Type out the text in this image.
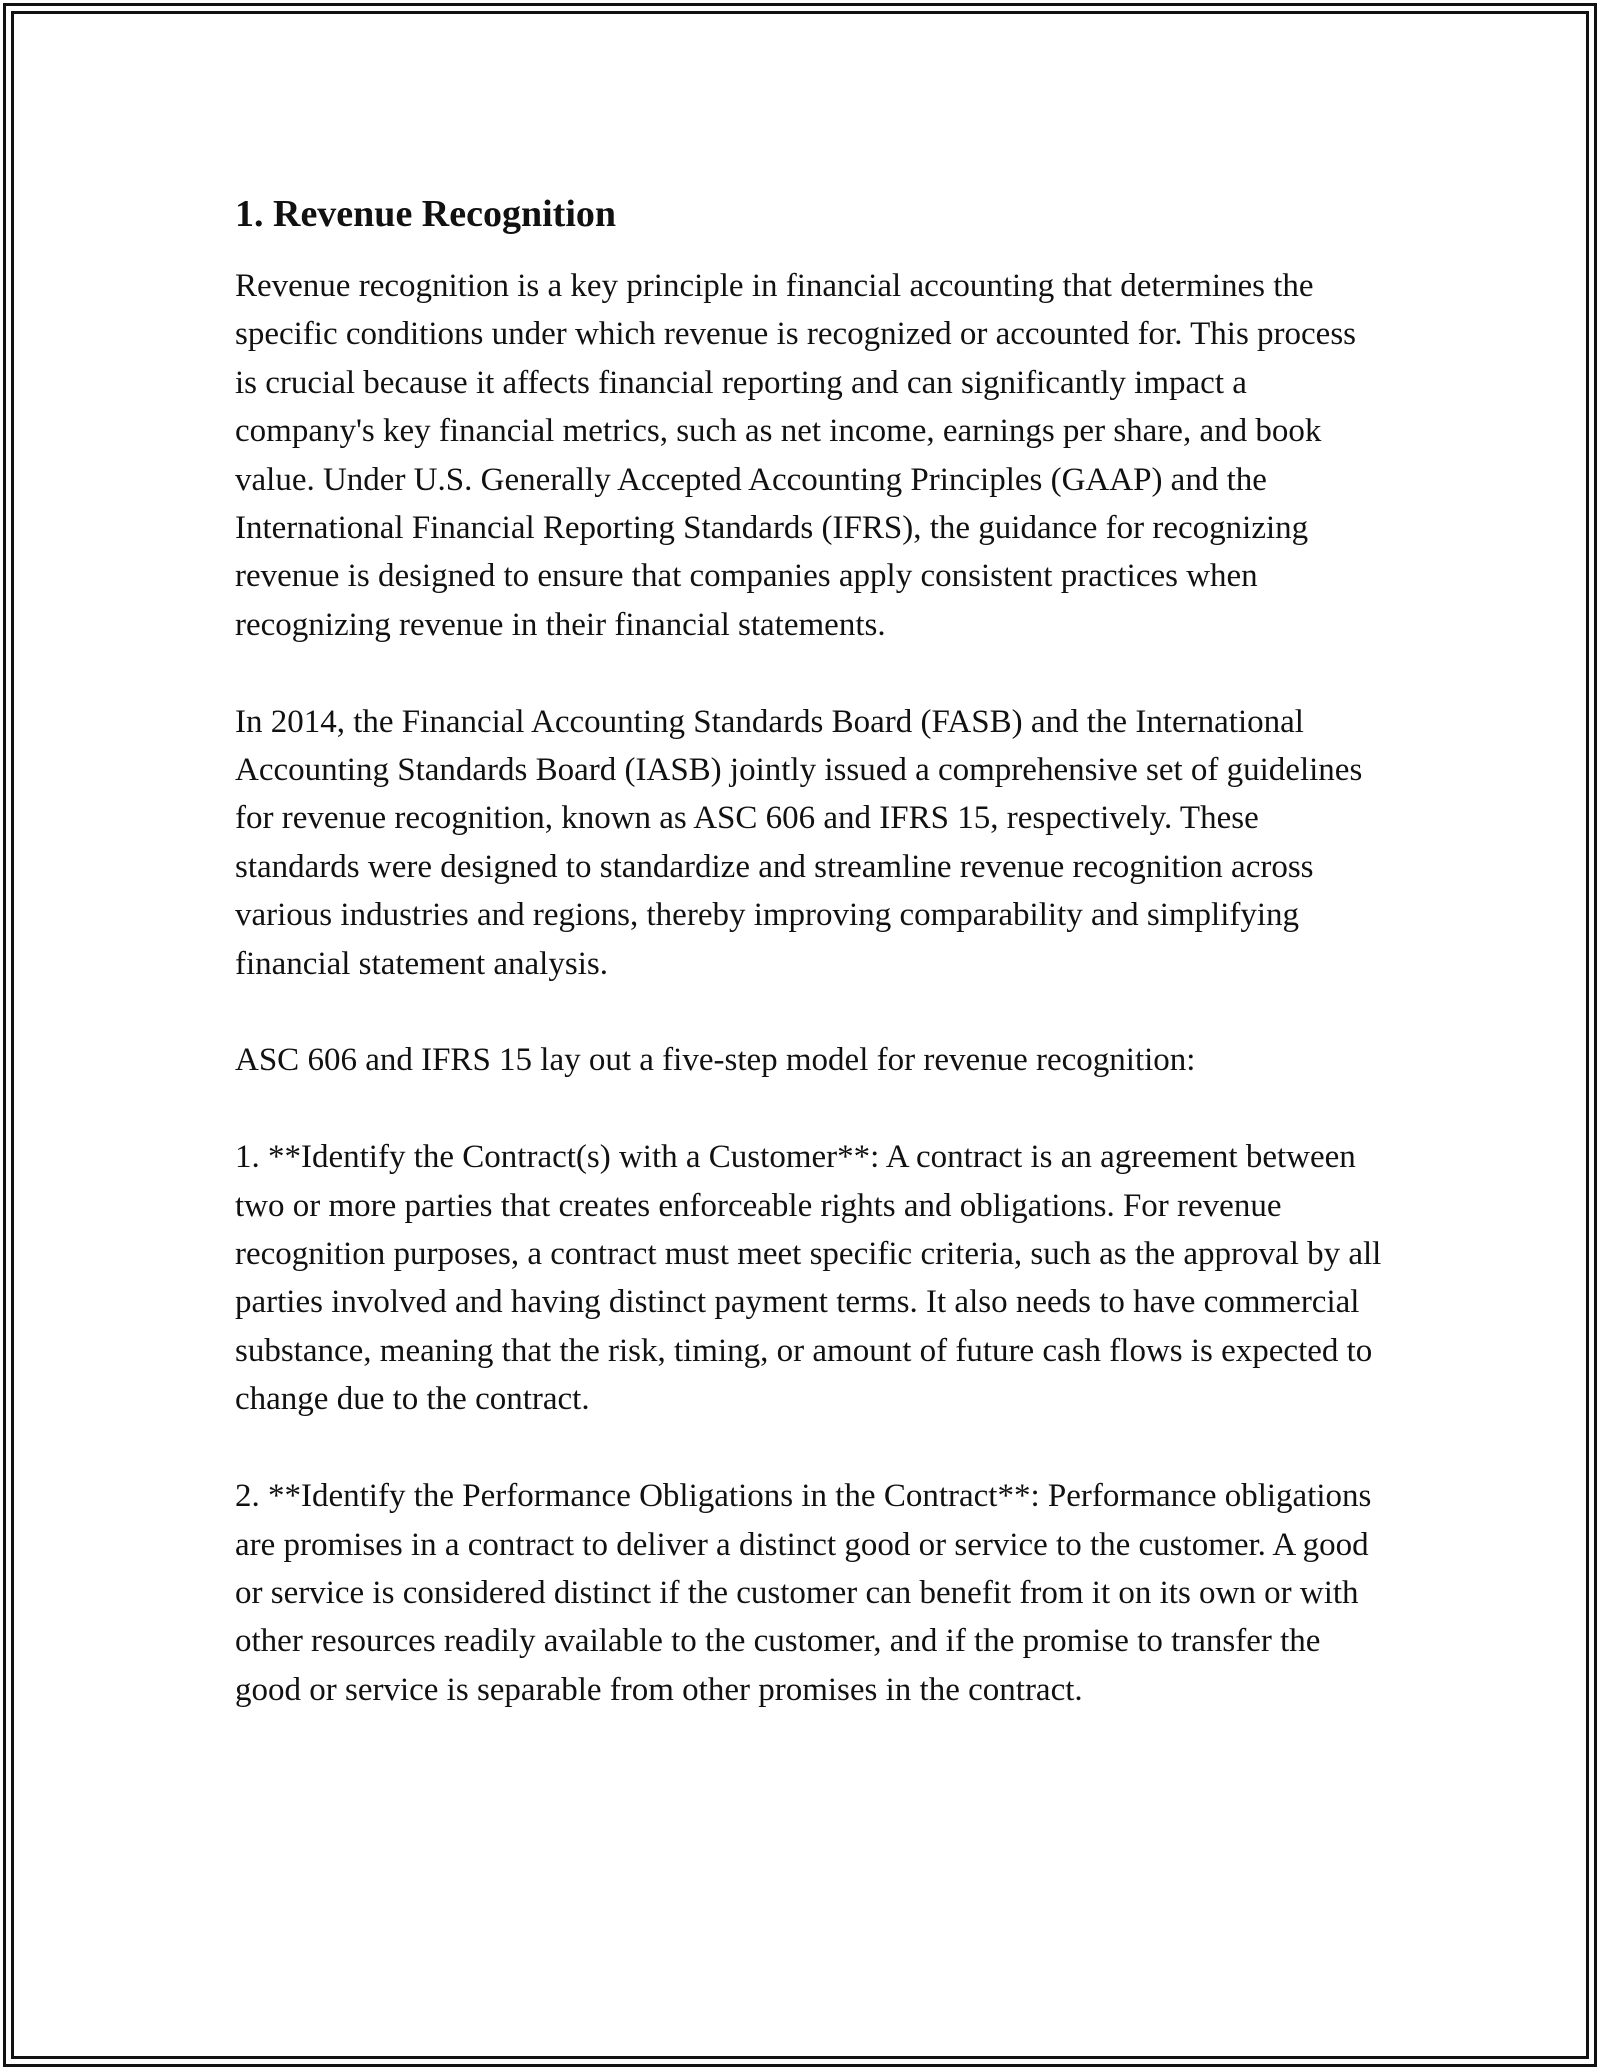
1. Revenue Recognition

Revenue recognition is a key principle in financial accounting that determines the specific conditions under which revenue is recognized or accounted for. This process is crucial because it affects financial reporting and can significantly impact a company's key financial metrics, such as net income, earnings per share, and book value. Under U.S. Generally Accepted Accounting Principles (GAAP) and the International Financial Reporting Standards (IFRS), the guidance for recognizing revenue is designed to ensure that companies apply consistent practices when recognizing revenue in their financial statements.

In 2014, the Financial Accounting Standards Board (FASB) and the International Accounting Standards Board (IASB) jointly issued a comprehensive set of guidelines for revenue recognition, known as ASC 606 and IFRS 15, respectively. These standards were designed to standardize and streamline revenue recognition across various industries and regions, thereby improving comparability and simplifying financial statement analysis.

ASC 606 and IFRS 15 lay out a five-step model for revenue recognition:

1. **Identify the Contract(s) with a Customer**: A contract is an agreement between two or more parties that creates enforceable rights and obligations. For revenue recognition purposes, a contract must meet specific criteria, such as the approval by all parties involved and having distinct payment terms. It also needs to have commercial substance, meaning that the risk, timing, or amount of future cash flows is expected to change due to the contract.

2. **Identify the Performance Obligations in the Contract**: Performance obligations are promises in a contract to deliver a distinct good or service to the customer. A good or service is considered distinct if the customer can benefit from it on its own or with other resources readily available to the customer, and if the promise to transfer the good or service is separable from other promises in the contract.
